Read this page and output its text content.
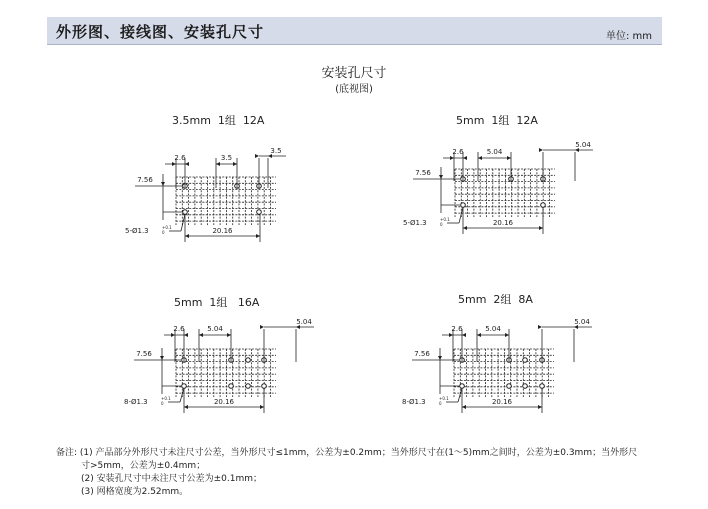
外形图、接线图、安装孔尺寸	单位: mm
安装孔尺寸
(底视图)
3.5mm  1组  12A	5mm  1组  12A
5mm  1组   16A	5mm  2组  8A
2.6	3.5
3.5
7.56
20.16
5-Ø1.3	+0.1
0
2.6	5.04
5.04
7.56
20.16
5-Ø1.3	+0.1
0
2.6	5.04
5.04
7.56
20.16
8-Ø1.3	+0.1
0
2.6	5.04
5.04
7.56
20.16
8-Ø1.3	+0.1
0
备注: (1) 产品部分外形尺寸未注尺寸公差，当外形尺寸≤1mm，公差为±0.2mm；当外形尺寸在(1～5)mm之间时，公差为±0.3mm；当外形尺
寸>5mm，公差为±0.4mm；
(2) 安装孔尺寸中未注尺寸公差为±0.1mm；
(3) 网格宽度为2.52mm。
